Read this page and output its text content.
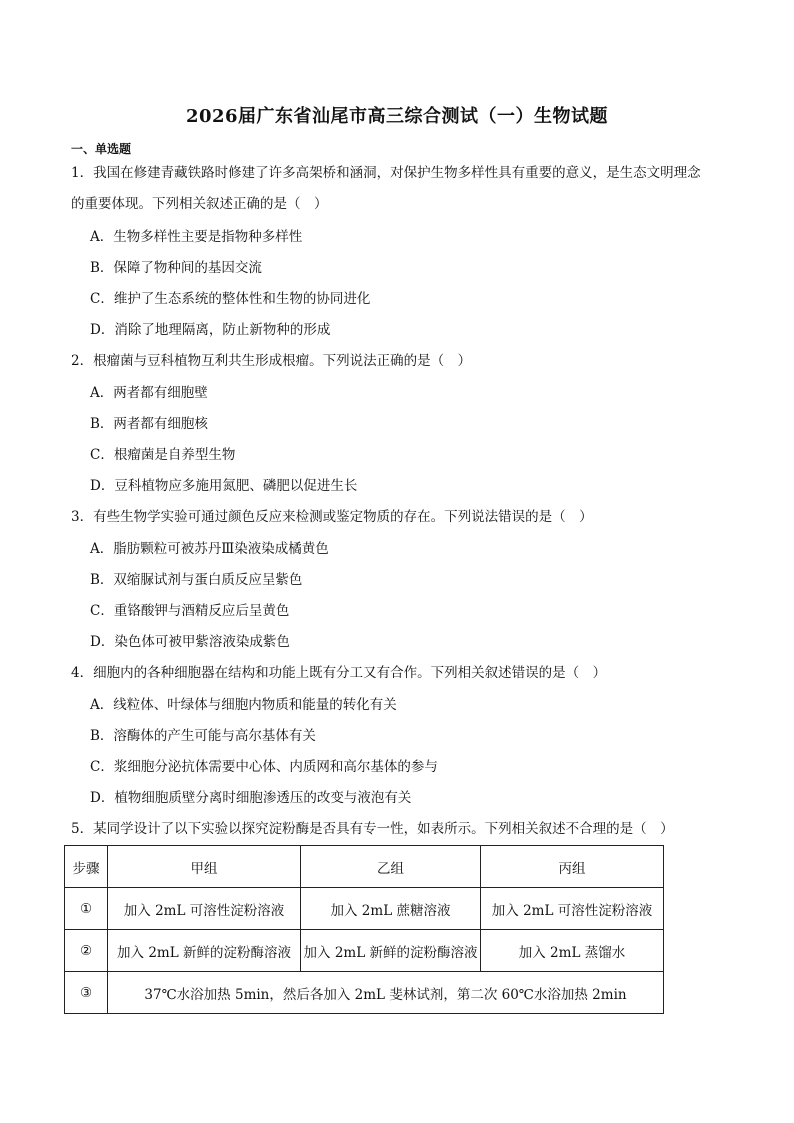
2026届广东省汕尾市高三综合测试（一）生物试题
一、单选题
1．我国在修建青藏铁路时修建了许多高架桥和涵洞，对保护生物多样性具有重要的意义，是生态文明理念
的重要体现。下列相关叙述正确的是（　）
A．生物多样性主要是指物种多样性
B．保障了物种间的基因交流
C．维护了生态系统的整体性和生物的协同进化
D．消除了地理隔离，防止新物种的形成
2．根瘤菌与豆科植物互利共生形成根瘤。下列说法正确的是（　）
A．两者都有细胞壁
B．两者都有细胞核
C．根瘤菌是自养型生物
D．豆科植物应多施用氮肥、磷肥以促进生长
3．有些生物学实验可通过颜色反应来检测或鉴定物质的存在。下列说法错误的是（　）
A．脂肪颗粒可被苏丹Ⅲ染液染成橘黄色
B．双缩脲试剂与蛋白质反应呈紫色
C．重铬酸钾与酒精反应后呈黄色
D．染色体可被甲紫溶液染成紫色
4．细胞内的各种细胞器在结构和功能上既有分工又有合作。下列相关叙述错误的是（　）
A．线粒体、叶绿体与细胞内物质和能量的转化有关
B．溶酶体的产生可能与高尔基体有关
C．浆细胞分泌抗体需要中心体、内质网和高尔基体的参与
D．植物细胞质壁分离时细胞渗透压的改变与液泡有关
5．某同学设计了以下实验以探究淀粉酶是否具有专一性，如表所示。下列相关叙述不合理的是（　）
步骤	甲组	乙组	丙组
①	加入 2mL 可溶性淀粉溶液	加入 2mL 蔗糖溶液	加入 2mL 可溶性淀粉溶液
②	加入 2mL 新鲜的淀粉酶溶液	加入 2mL 新鲜的淀粉酶溶液	加入 2mL 蒸馏水
③	37℃水浴加热 5min，然后各加入 2mL 斐林试剂，第二次 60℃水浴加热 2min		
